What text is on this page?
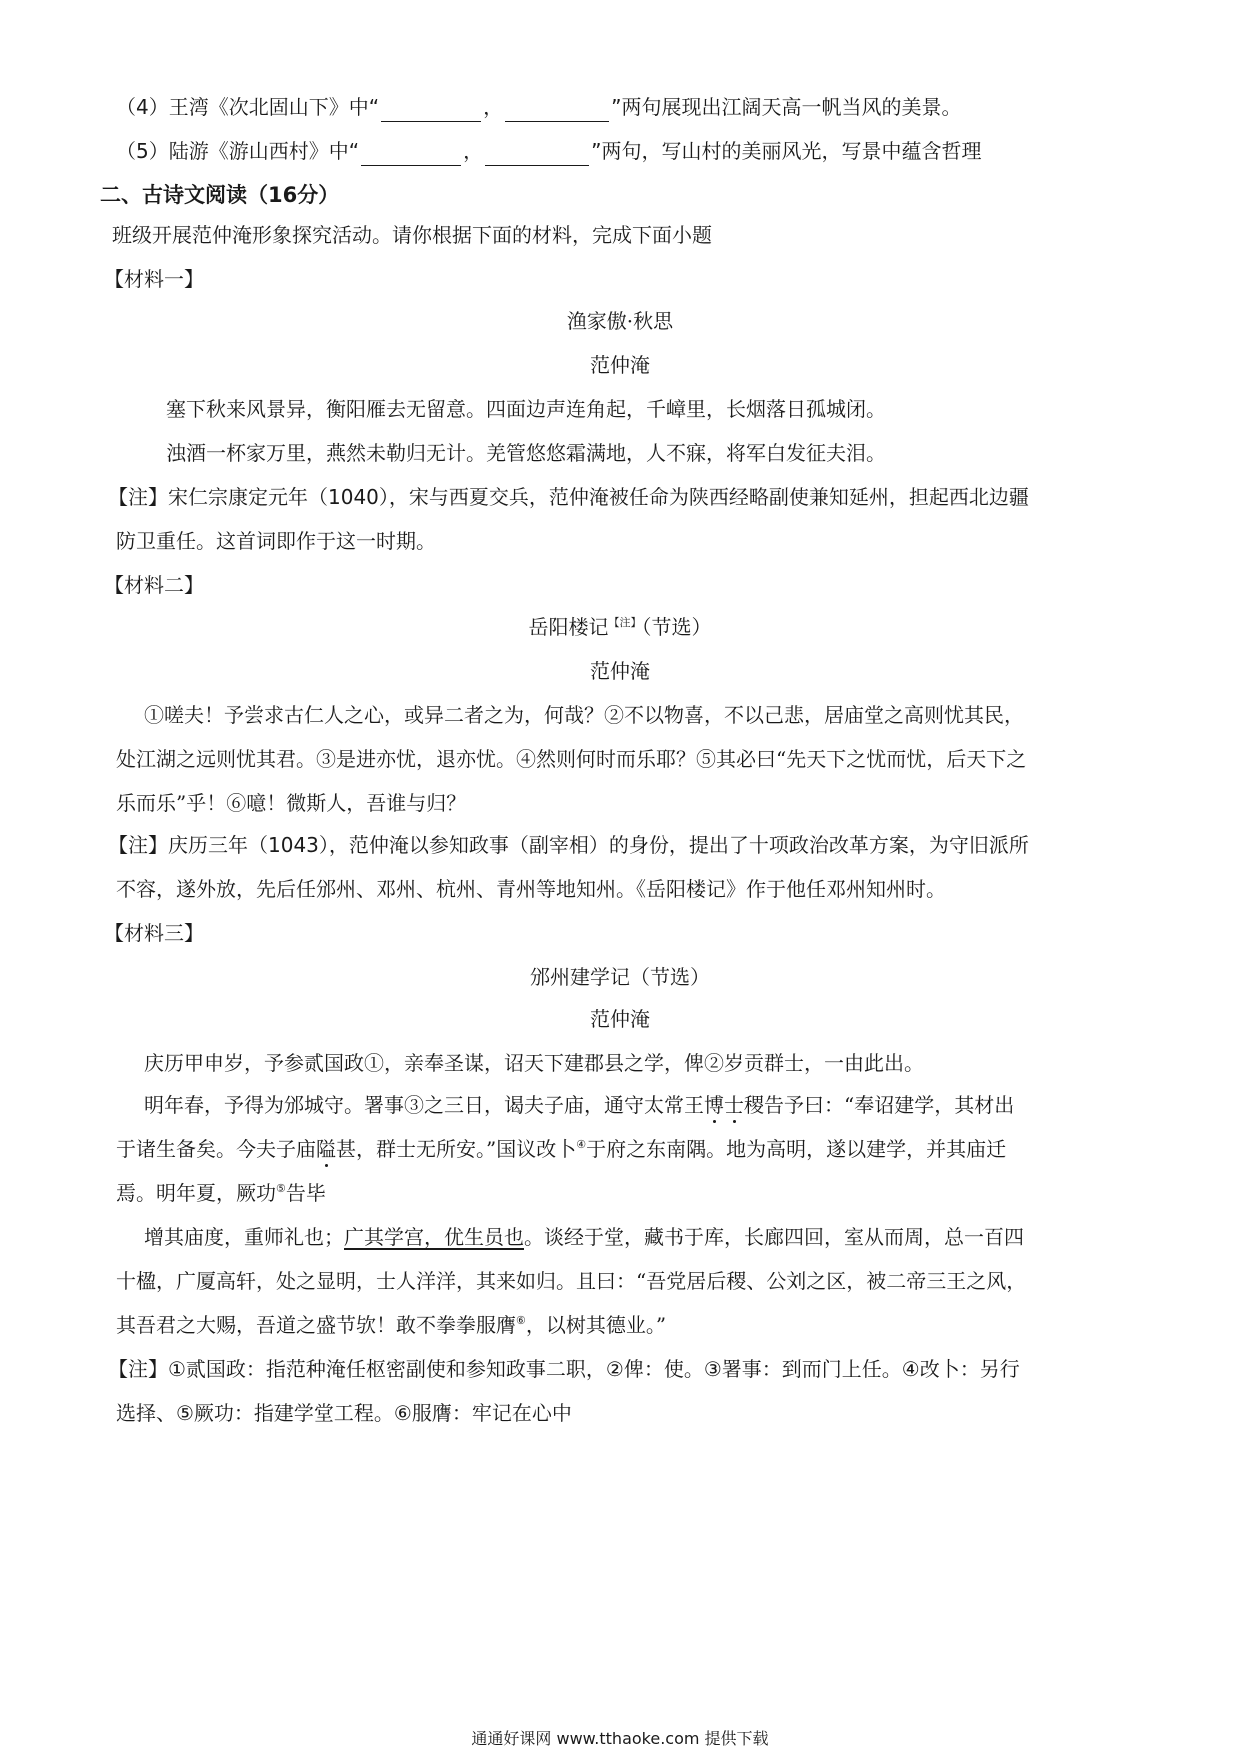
（4）王湾《次北固山下》中“	，	”两句展现出江阔天高一帆当风的美景。
（5）陆游《游山西村》中“	，	”两句，写山村的美丽风光，写景中蕴含哲理
二、古诗文阅读（16分）
班级开展范仲淹形象探究活动。请你根据下面的材料，完成下面小题
【材料一】
渔家傲·秋思
范仲淹
塞下秋来风景异，衡阳雁去无留意。四面边声连角起，千嶂里，长烟落日孤城闭。
浊酒一杯家万里，燕然未勒归无计。羌管悠悠霜满地，人不寐，将军白发征夫泪。
【注】宋仁宗康定元年（1040），宋与西夏交兵，范仲淹被任命为陕西经略副使兼知延州，担起西北边疆
防卫重任。这首词即作于这一时期。
【材料二】
岳阳楼记$^{【注】}$（节选）
范仲淹
①嗟夫！予尝求古仁人之心，或异二者之为，何哉？②不以物喜，不以己悲，居庙堂之高则忧其民，
处江湖之远则忧其君。③是进亦忧，退亦忧。④然则何时而乐耶？⑤其必曰“先天下之忧而忧，后天下之
乐而乐”乎！⑥噫！微斯人，吾谁与归？
【注】庆历三年（1043），范仲淹以参知政事（副宰相）的身份，提出了十项政治改革方案，为守旧派所
不容，遂外放，先后任邠州、邓州、杭州、青州等地知州。《岳阳楼记》作于他任邓州知州时。
【材料三】
邠州建学记（节选）
范仲淹
庆历甲申岁，予参贰国政①，亲奉圣谋，诏天下建郡县之学，俾②岁贡群士，一由此出。
明年春，予得为邠城守。署事③之三日，谒夫子庙，通守太常王博士稷告予曰：“奉诏建学，其材出
于诸生备矣。今夫子庙隘甚，群士无所安。”国议改卜④于府之东南隅。地为高明，遂以建学，并其庙迁
焉。明年夏，厥功⑤告毕
增其庙度，重师礼也；广其学宫，优生员也。谈经于堂，藏书于库，长廊四回，室从而周，总一百四
十楹，广厦高轩，处之显明，士人洋洋，其来如归。且曰：“吾党居后稷、公刘之区，被二帝三王之风，
其吾君之大赐，吾道之盛节欤！敢不拳拳服膺⑥，以树其德业。”
【注】①贰国政：指范种淹任枢密副使和参知政事二职，②俾：使。③署事：到而门上任。④改卜：另行
选择、⑤厥功：指建学堂工程。⑥服膺：牢记在心中
通通好课网 www.tthaoke.com 提供下载
